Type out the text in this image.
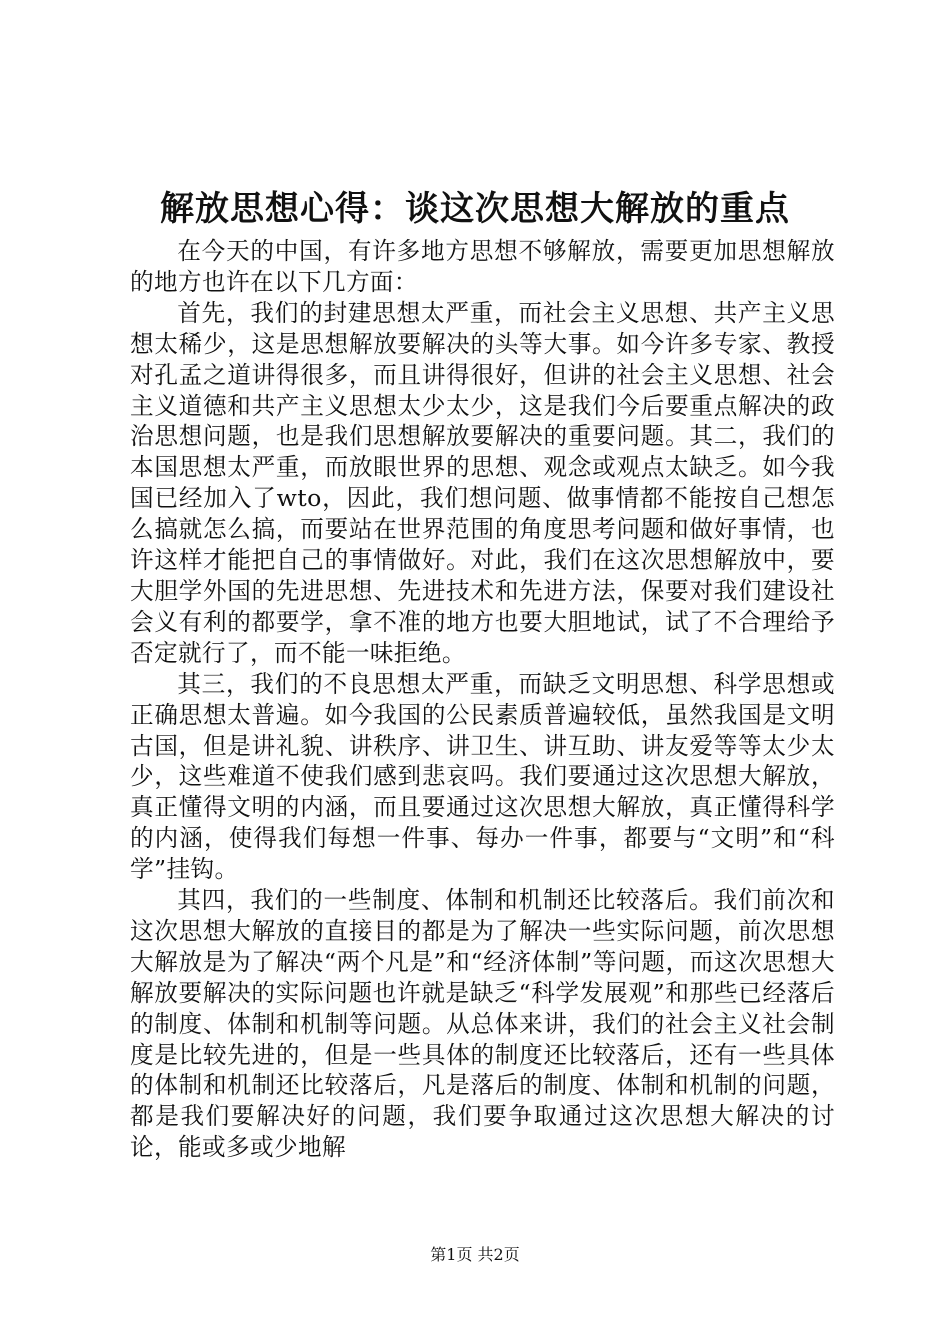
解放思想心得：谈这次思想大解放的重点

在今天的中国，有许多地方思想不够解放，需要更加思想解放的地方也许在以下几方面：

首先，我们的封建思想太严重，而社会主义思想、共产主义思想太稀少，这是思想解放要解决的头等大事。如今许多专家、教授对孔孟之道讲得很多，而且讲得很好，但讲的社会主义思想、社会主义道德和共产主义思想太少太少，这是我们今后要重点解决的政治思想问题，也是我们思想解放要解决的重要问题。其二，我们的本国思想太严重，而放眼世界的思想、观念或观点太缺乏。如今我国已经加入了wto，因此，我们想问题、做事情都不能按自己想怎么搞就怎么搞，而要站在世界范围的角度思考问题和做好事情，也许这样才能把自己的事情做好。对此，我们在这次思想解放中，要大胆学外国的先进思想、先进技术和先进方法，保要对我们建设社会义有利的都要学，拿不准的地方也要大胆地试，试了不合理给予否定就行了，而不能一味拒绝。

其三，我们的不良思想太严重，而缺乏文明思想、科学思想或正确思想太普遍。如今我国的公民素质普遍较低，虽然我国是文明古国，但是讲礼貌、讲秩序、讲卫生、讲互助、讲友爱等等太少太少，这些难道不使我们感到悲哀吗。我们要通过这次思想大解放，真正懂得文明的内涵，而且要通过这次思想大解放，真正懂得科学的内涵，使得我们每想一件事、每办一件事，都要与“文明”和“科学”挂钩。

其四，我们的一些制度、体制和机制还比较落后。我们前次和这次思想大解放的直接目的都是为了解决一些实际问题，前次思想大解放是为了解决“两个凡是”和“经济体制”等问题，而这次思想大解放要解决的实际问题也许就是缺乏“科学发展观”和那些已经落后的制度、体制和机制等问题。从总体来讲，我们的社会主义社会制度是比较先进的，但是一些具体的制度还比较落后，还有一些具体的体制和机制还比较落后，凡是落后的制度、体制和机制的问题，都是我们要解决好的问题，我们要争取通过这次思想大解决的讨论，能或多或少地解

第1页 共2页
